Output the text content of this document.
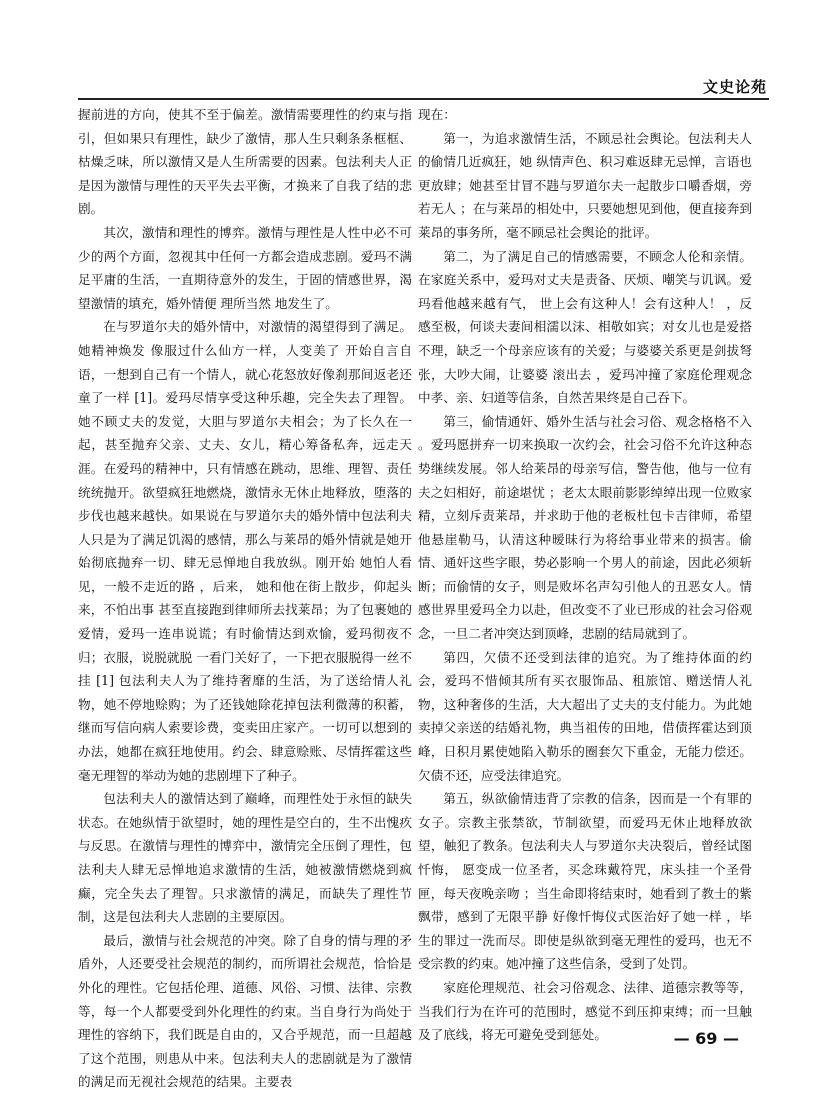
文史论苑

握前进的方向，使其不至于偏差。激情需要理性的约束与指引，但如果只有理性，缺少了激情，那人生只剩条条框框、枯燥乏味，所以激情又是人生所需要的因素。包法利夫人正是因为激情与理性的天平失去平衡，才换来了自我了结的悲剧。

其次，激情和理性的博弈。激情与理性是人性中必不可少的两个方面，忽视其中任何一方都会造成悲剧。爱玛不满足平庸的生活，一直期待意外的发生，于固的情感世界，渴望激情的填充，婚外情便 理所当然 地发生了。

在与罗道尔夫的婚外情中，对激情的渴望得到了满足。她精神焕发 像服过什么仙方一样，人变美了 开始自言自语，一想到自己有一个情人，就心花怒放好像刹那间返老还童了一样 [1]。爱玛尽情享受这种乐趣，完全失去了理智。她不顾丈夫的发觉，大胆与罗道尔夫相会；为了长久在一起，甚至抛弃父亲、丈夫、女儿，精心筹备私奔，远走天涯。在爱玛的精神中，只有情感在跳动，思维、理智、责任统统抛开。欲望疯狂地燃烧，激情永无休止地释放，堕落的步伐也越来越快。如果说在与罗道尔夫的婚外情中包法利夫人只是为了满足饥渴的感情，那么与莱昂的婚外情就是她开始彻底抛弃一切、肆无忌惮地自我放纵。刚开始 她怕人看见，一般不走近的路 ，后来， 她和他在街上散步，仰起头来，不怕出事 甚至直接跑到律师所去找莱昂；为了包裹她的爱情，爱玛一连串说谎；有时偷情达到欢愉，爱玛彻夜不归；衣服，说脱就脱 一看门关好了，一下把衣服脱得一丝不挂 [1] 包法利夫人为了维持奢靡的生活，为了送给情人礼物，她不停地赊购；为了还钱她除花掉包法利微薄的积蓄，继而写信向病人索要诊费，变卖田庄家产。一切可以想到的办法，她都在疯狂地使用。约会、肆意赊账、尽情挥霍这些毫无理智的举动为她的悲剧埋下了种子。

包法利夫人的激情达到了巅峰，而理性处于永恒的缺失状态。在她纵情于欲望时，她的理性是空白的，生不出愧疚与反思。在激情与理性的博弈中，激情完全压倒了理性，包法利夫人肆无忌惮地追求激情的生活，她被激情燃烧到疯癫，完全失去了理智。只求激情的满足，而缺失了理性节制，这是包法利夫人悲剧的主要原因。

最后，激情与社会规范的冲突。除了自身的情与理的矛盾外，人还要受社会规范的制约，而所谓社会规范，恰恰是外化的理性。它包括伦理、道德、风俗、习惯、法律、宗教等，每一个人都要受到外化理性的约束。当自身行为尚处于理性的容纳下，我们既是自由的，又合乎规范，而一旦超越了这个范围，则患从中来。包法利夫人的悲剧就是为了激情的满足而无视社会规范的结果。主要表

现在：

第一，为追求激情生活，不顾忌社会舆论。包法利夫人的偷情几近疯狂，她 纵情声色、积习难返肆无忌惮，言语也更放肆；她甚至甘冒不韪与罗道尔夫一起散步口嚼香烟，旁若无人 ；在与莱昂的相处中，只要她想见到他，便直接奔到莱昂的事务所，毫不顾忌社会舆论的批评。

第二，为了满足自己的情感需要，不顾念人伦和亲情。在家庭关系中，爱玛对丈夫是责备、厌烦、嘲笑与讥讽。爱玛看他越来越有气， 世上会有这种人！会有这种人！ ，反感至极，何谈夫妻间相濡以沫、相敬如宾；对女儿也是爱搭不理，缺乏一个母亲应该有的关爱；与婆婆关系更是剑拔弩张，大吵大闹，让婆婆 滚出去 ，爱玛冲撞了家庭伦理观念中孝、亲、妇道等信条，自然苦果终是自己吞下。

第三，偷情通奸、婚外生活与社会习俗、观念格格不入 。爱玛愿拼弃一切来换取一次约会，社会习俗不允许这种态势继续发展。邻人给莱昂的母亲写信，警告他，他与一位有夫之妇相好，前途堪忧 ；老太太眼前影影绰绰出现一位败家精，立刻斥责莱昂，并求助于他的老板杜包卡吉律师，希望他悬崖勒马，认清这种暧昧行为将给事业带来的损害。偷情、通奸这些字眼，势必影响一个男人的前途，因此必须斩断；而偷情的女子，则是败坏名声勾引他人的丑恶女人。情感世界里爱玛全力以赴，但改变不了业已形成的社会习俗观念，一旦二者冲突达到顶峰，悲剧的结局就到了。

第四，欠债不还受到法律的追究。为了维持体面的约会，爱玛不惜倾其所有买衣服饰品、租旅馆、赠送情人礼物，这种奢侈的生活，大大超出了丈夫的支付能力。为此她卖掉父亲送的结婚礼物，典当祖传的田地，借债挥霍达到顶峰，日积月累使她陷入勒乐的圈套欠下重金，无能力偿还。欠债不还，应受法律追究。

第五，纵欲偷情违背了宗教的信条，因而是一个有罪的女子。宗教主张禁欲，节制欲望，而爱玛无休止地释放欲望，触犯了教条。包法利夫人与罗道尔夫决裂后，曾经试图忏悔， 愿变成一位圣者，买念珠戴符咒，床头挂一个圣骨匣，每天夜晚亲吻 ；当生命即将结束时，她看到了教士的紫飘带，感到了无限平静 好像忏悔仪式医治好了她一样 ，毕生的罪过一洗而尽。即使是纵欲到毫无理性的爱玛，也无不受宗教的约束。她冲撞了这些信条，受到了处罚。

家庭伦理规范、社会习俗观念、法律、道德宗教等等，当我们行为在许可的范围时，感觉不到压抑束缚；而一旦触及了底线，将无可避免受到惩处。	— 69 —
